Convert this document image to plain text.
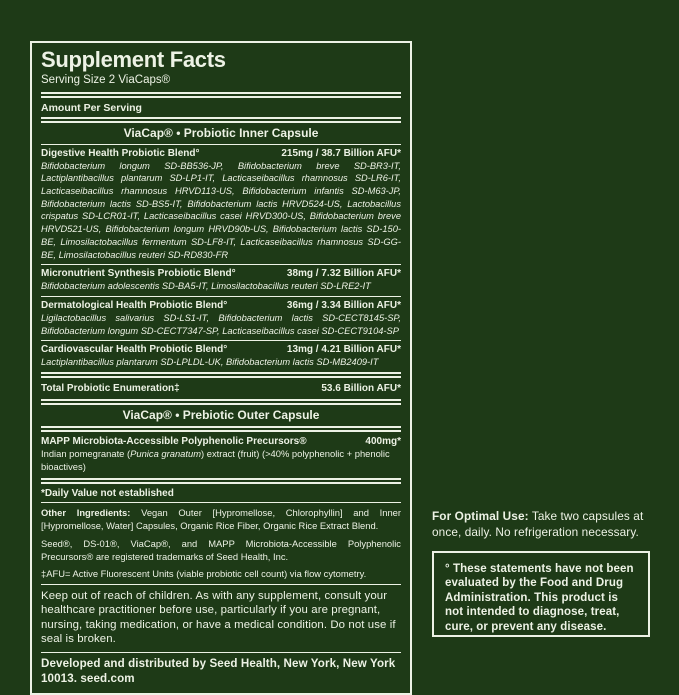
Supplement Facts
Serving Size 2 ViaCaps®
Amount Per Serving
ViaCap® • Probiotic Inner Capsule
Digestive Health Probiotic Blend°	215mg / 38.7 Billion AFU*
Bifidobacterium longum SD-BB536-JP, Bifidobacterium breve SD-BR3-IT, Lactiplantibacillus plantarum SD-LP1-IT, Lacticaseibacillus rhamnosus SD-LR6-IT, Lacticaseibacillus rhamnosus HRVD113-US, Bifidobacterium infantis SD-M63-JP, Bifidobacterium lactis SD-BS5-IT, Bifidobacterium lactis HRVD524-US, Lactobacillus crispatus SD-LCR01-IT, Lacticaseibacillus casei HRVD300-US, Bifidobacterium breve HRVD521-US, Bifidobacterium longum HRVD90b-US, Bifidobacterium lactis SD-150-BE, Limosilactobacillus fermentum SD-LF8-IT, Lacticaseibacillus rhamnosus SD-GG-BE, Limosilactobacillus reuteri SD-RD830-FR
Micronutrient Synthesis Probiotic Blend°	38mg / 7.32 Billion AFU*
Bifidobacterium adolescentis SD-BA5-IT, Limosilactobacillus reuteri SD-LRE2-IT
Dermatological Health Probiotic Blend°	36mg / 3.34 Billion AFU*
Ligilactobacillus salivarius SD-LS1-IT, Bifidobacterium lactis SD-CECT8145-SP, Bifidobacterium longum SD-CECT7347-SP, Lacticaseibacillus casei SD-CECT9104-SP
Cardiovascular Health Probiotic Blend°	13mg / 4.21 Billion AFU*
Lactiplantibacillus plantarum SD-LPLDL-UK, Bifidobacterium lactis SD-MB2409-IT
Total Probiotic Enumeration‡	53.6 Billion AFU*
ViaCap® • Prebiotic Outer Capsule
MAPP Microbiota-Accessible Polyphenolic Precursors®	400mg*
Indian pomegranate (Punica granatum) extract (fruit) (>40% polyphenolic + phenolic bioactives)
*Daily Value not established
Other Ingredients: Vegan Outer [Hypromellose, Chlorophyllin] and Inner [Hypromellose, Water] Capsules, Organic Rice Fiber, Organic Rice Extract Blend.
Seed®, DS-01®, ViaCap®, and MAPP Microbiota-Accessible Polyphenolic Precursors® are registered trademarks of Seed Health, Inc.
‡AFU= Active Fluorescent Units (viable probiotic cell count) via flow cytometry.
Keep out of reach of children. As with any supplement, consult your healthcare practitioner before use, particularly if you are pregnant, nursing, taking medication, or have a medical condition. Do not use if seal is broken.
Developed and distributed by Seed Health, New York, New York 10013. seed.com
For Optimal Use: Take two capsules at once, daily. No refrigeration necessary.
° These statements have not been evaluated by the Food and Drug Administration. This product is not intended to diagnose, treat, cure, or prevent any disease.
